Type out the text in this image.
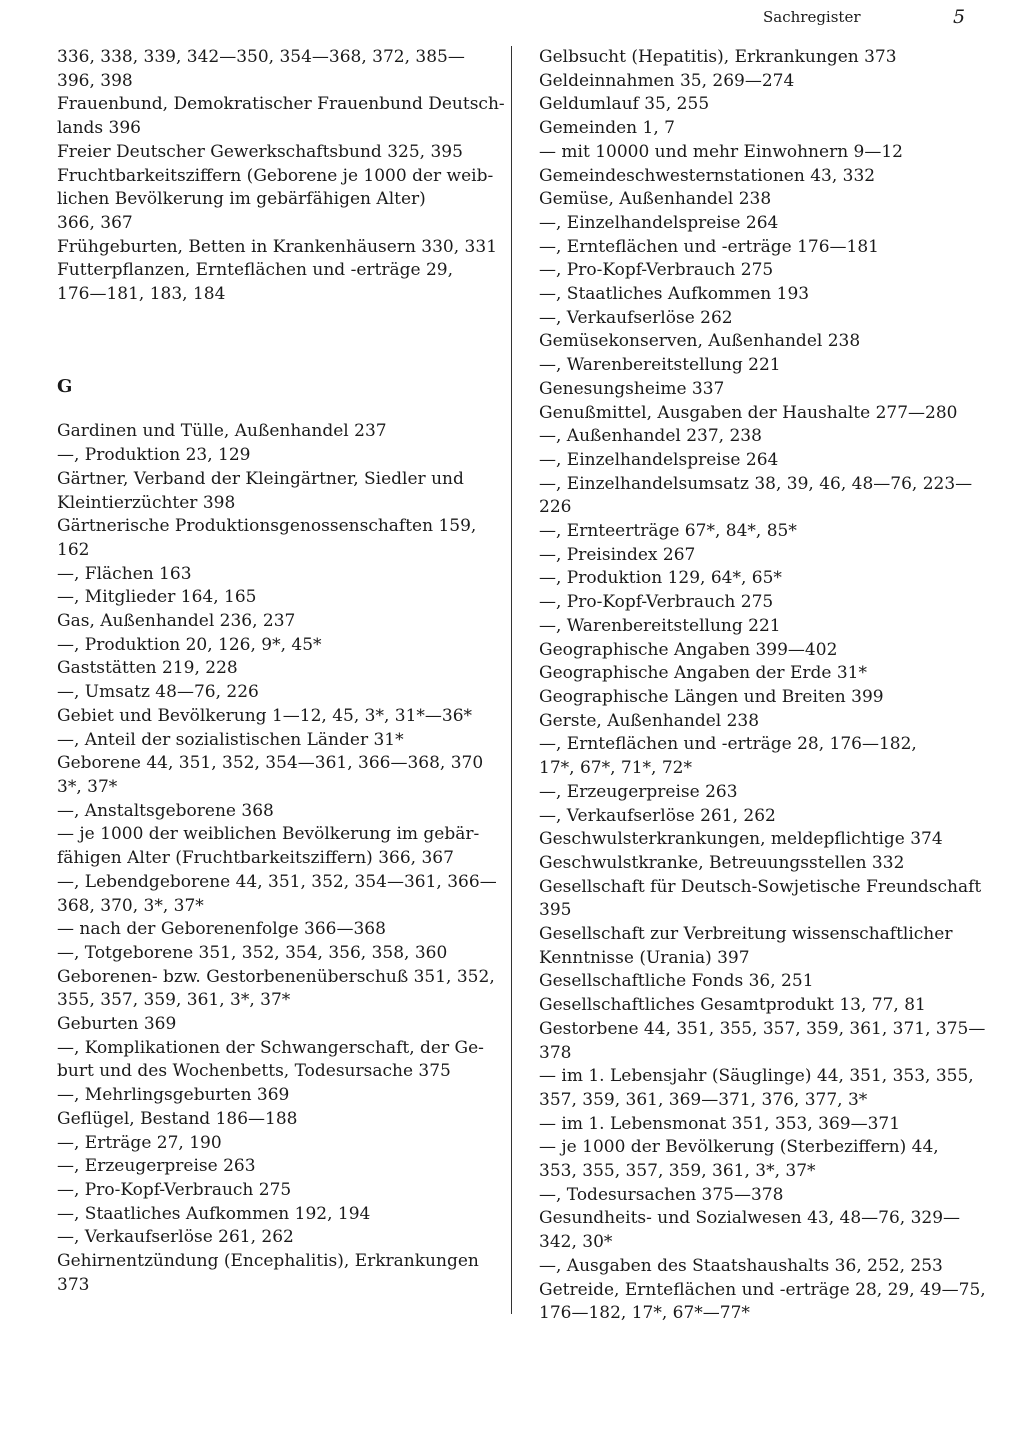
Sachregister	5
336, 338, 339, 342—350, 354—368, 372, 385—
396, 398
Frauenbund, Demokratischer Frauenbund Deutsch-
lands 396
Freier Deutscher Gewerkschaftsbund 325, 395
Fruchtbarkeitsziffern (Geborene je 1000 der weib-
lichen Bevölkerung im gebärfähigen Alter)
366, 367
Frühgeburten, Betten in Krankenhäusern 330, 331
Futterpflanzen, Ernteflächen und -erträge 29,
176—181, 183, 184
G
Gardinen und Tülle, Außenhandel 237
—, Produktion 23, 129
Gärtner, Verband der Kleingärtner, Siedler und
Kleintierzüchter 398
Gärtnerische Produktionsgenossenschaften 159,
162
—, Flächen 163
—, Mitglieder 164, 165
Gas, Außenhandel 236, 237
—, Produktion 20, 126, 9*, 45*
Gaststätten 219, 228
—, Umsatz 48—76, 226
Gebiet und Bevölkerung 1—12, 45, 3*, 31*—36*
—, Anteil der sozialistischen Länder 31*
Geborene 44, 351, 352, 354—361, 366—368, 370
3*, 37*
—, Anstaltsgeborene 368
— je 1000 der weiblichen Bevölkerung im gebär-
fähigen Alter (Fruchtbarkeitsziffern) 366, 367
—, Lebendgeborene 44, 351, 352, 354—361, 366—
368, 370, 3*, 37*
— nach der Geborenenfolge 366—368
—, Totgeborene 351, 352, 354, 356, 358, 360
Geborenen- bzw. Gestorbenenüberschuß 351, 352,
355, 357, 359, 361, 3*, 37*
Geburten 369
—, Komplikationen der Schwangerschaft, der Ge-
burt und des Wochenbetts, Todesursache 375
—, Mehrlingsgeburten 369
Geflügel, Bestand 186—188
—, Erträge 27, 190
—, Erzeugerpreise 263
—, Pro-Kopf-Verbrauch 275
—, Staatliches Aufkommen 192, 194
—, Verkaufserlöse 261, 262
Gehirnentzündung (Encephalitis), Erkrankungen
373
Gelbsucht (Hepatitis), Erkrankungen 373
Geldeinnahmen 35, 269—274
Geldumlauf 35, 255
Gemeinden 1, 7
— mit 10000 und mehr Einwohnern 9—12
Gemeindeschwesternstationen 43, 332
Gemüse, Außenhandel 238
—, Einzelhandelspreise 264
—, Ernteflächen und -erträge 176—181
—, Pro-Kopf-Verbrauch 275
—, Staatliches Aufkommen 193
—, Verkaufserlöse 262
Gemüsekonserven, Außenhandel 238
—, Warenbereitstellung 221
Genesungsheime 337
Genußmittel, Ausgaben der Haushalte 277—280
—, Außenhandel 237, 238
—, Einzelhandelspreise 264
—, Einzelhandelsumsatz 38, 39, 46, 48—76, 223—
226
—, Ernteerträge 67*, 84*, 85*
—, Preisindex 267
—, Produktion 129, 64*, 65*
—, Pro-Kopf-Verbrauch 275
—, Warenbereitstellung 221
Geographische Angaben 399—402
Geographische Angaben der Erde 31*
Geographische Längen und Breiten 399
Gerste, Außenhandel 238
—, Ernteflächen und -erträge 28, 176—182,
17*, 67*, 71*, 72*
—, Erzeugerpreise 263
—, Verkaufserlöse 261, 262
Geschwulsterkrankungen, meldepflichtige 374
Geschwulstkranke, Betreuungsstellen 332
Gesellschaft für Deutsch-Sowjetische Freundschaft
395
Gesellschaft zur Verbreitung wissenschaftlicher
Kenntnisse (Urania) 397
Gesellschaftliche Fonds 36, 251
Gesellschaftliches Gesamtprodukt 13, 77, 81
Gestorbene 44, 351, 355, 357, 359, 361, 371, 375—
378
— im 1. Lebensjahr (Säuglinge) 44, 351, 353, 355,
357, 359, 361, 369—371, 376, 377, 3*
— im 1. Lebensmonat 351, 353, 369—371
— je 1000 der Bevölkerung (Sterbeziffern) 44,
353, 355, 357, 359, 361, 3*, 37*
—, Todesursachen 375—378
Gesundheits- und Sozialwesen 43, 48—76, 329—
342, 30*
—, Ausgaben des Staatshaushalts 36, 252, 253
Getreide, Ernteflächen und -erträge 28, 29, 49—75,
176—182, 17*, 67*—77*
